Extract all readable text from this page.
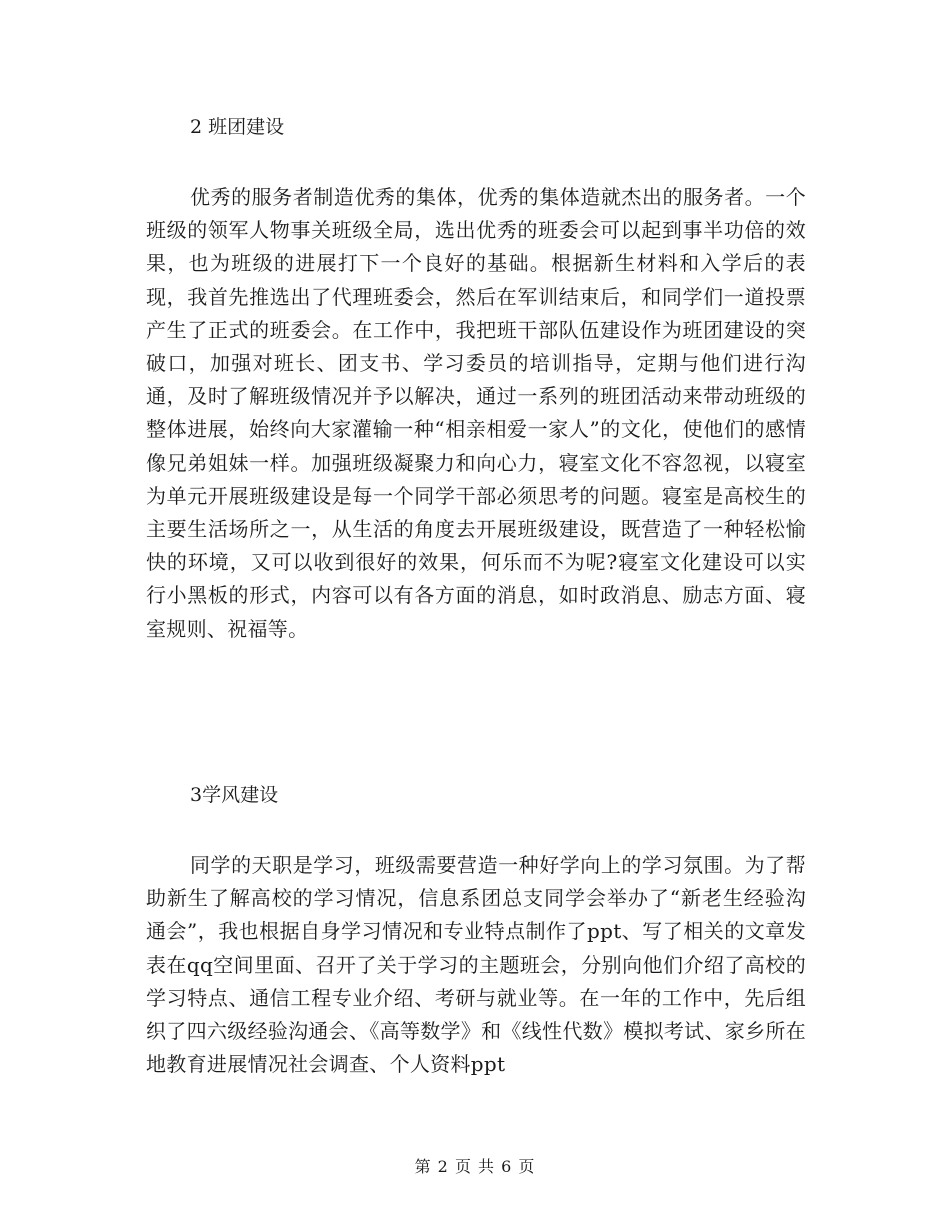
2 班团建设
优秀的服务者制造优秀的集体，优秀的集体造就杰出的服务者。一个班级的领军人物事关班级全局，选出优秀的班委会可以起到事半功倍的效果，也为班级的进展打下一个良好的基础。根据新生材料和入学后的表现，我首先推选出了代理班委会，然后在军训结束后，和同学们一道投票产生了正式的班委会。在工作中，我把班干部队伍建设作为班团建设的突破口，加强对班长、团支书、学习委员的培训指导，定期与他们进行沟通，及时了解班级情况并予以解决，通过一系列的班团活动来带动班级的整体进展，始终向大家灌输一种“相亲相爱一家人”的文化，使他们的感情像兄弟姐妹一样。加强班级凝聚力和向心力，寝室文化不容忽视，以寝室为单元开展班级建设是每一个同学干部必须思考的问题。寝室是高校生的主要生活场所之一，从生活的角度去开展班级建设，既营造了一种轻松愉快的环境，又可以收到很好的效果，何乐而不为呢?寝室文化建设可以实行小黑板的形式，内容可以有各方面的消息，如时政消息、励志方面、寝室规则、祝福等。
3学风建设
同学的天职是学习，班级需要营造一种好学向上的学习氛围。为了帮助新生了解高校的学习情况，信息系团总支同学会举办了“新老生经验沟通会”，我也根据自身学习情况和专业特点制作了ppt、写了相关的文章发表在qq空间里面、召开了关于学习的主题班会，分别向他们介绍了高校的学习特点、通信工程专业介绍、考研与就业等。在一年的工作中，先后组织了四六级经验沟通会、《高等数学》和《线性代数》模拟考试、家乡所在地教育进展情况社会调查、个人资料ppt
第 2 页 共 6 页
